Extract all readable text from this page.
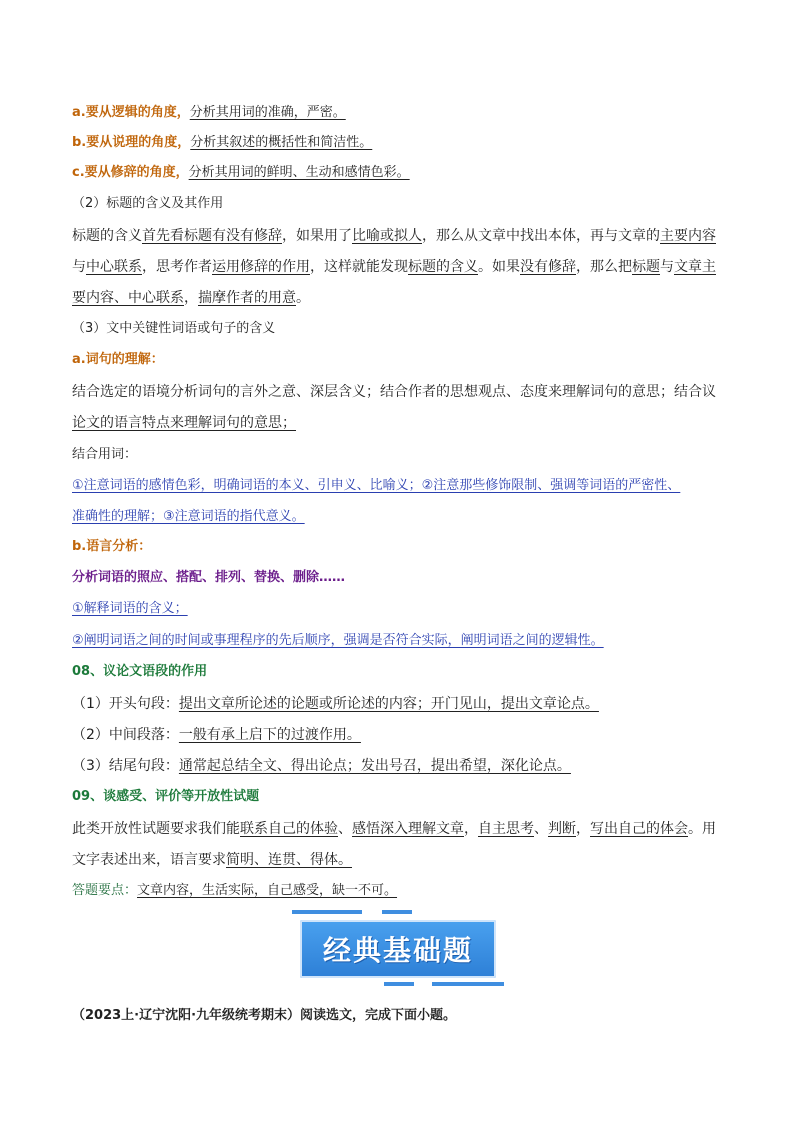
a.要从逻辑的角度，分析其用词的准确，严密。
b.要从说理的角度，分析其叙述的概括性和简洁性。
c.要从修辞的角度，分析其用词的鲜明、生动和感情色彩。
（2）标题的含义及其作用
标题的含义首先看标题有没有修辞，如果用了比喻或拟人，那么从文章中找出本体，再与文章的主要内容
与中心联系，思考作者运用修辞的作用，这样就能发现标题的含义。如果没有修辞，那么把标题与文章主
要内容、中心联系，揣摩作者的用意。
（3）文中关键性词语或句子的含义
a.词句的理解：
结合选定的语境分析词句的言外之意、深层含义；结合作者的思想观点、态度来理解词句的意思；结合议
论文的语言特点来理解词句的意思；
结合用词：
①注意词语的感情色彩，明确词语的本义、引申义、比喻义；②注意那些修饰限制、强调等词语的严密性、
准确性的理解；③注意词语的指代意义。
b.语言分析：
分析词语的照应、搭配、排列、替换、删除……
①解释词语的含义；
②阐明词语之间的时间或事理程序的先后顺序，强调是否符合实际，阐明词语之间的逻辑性。
08、议论文语段的作用
（1）开头句段：提出文章所论述的论题或所论述的内容；开门见山，提出文章论点。
（2）中间段落：一般有承上启下的过渡作用。
（3）结尾句段：通常起总结全文、得出论点；发出号召，提出希望，深化论点。
09、谈感受、评价等开放性试题
此类开放性试题要求我们能联系自己的体验、感悟深入理解文章，自主思考、判断，写出自己的体会。用
文字表述出来，语言要求简明、连贯、得体。
答题要点：文章内容，生活实际，自己感受，缺一不可。
经典基础题
（2023上·辽宁沈阳·九年级统考期末）阅读选文，完成下面小题。
